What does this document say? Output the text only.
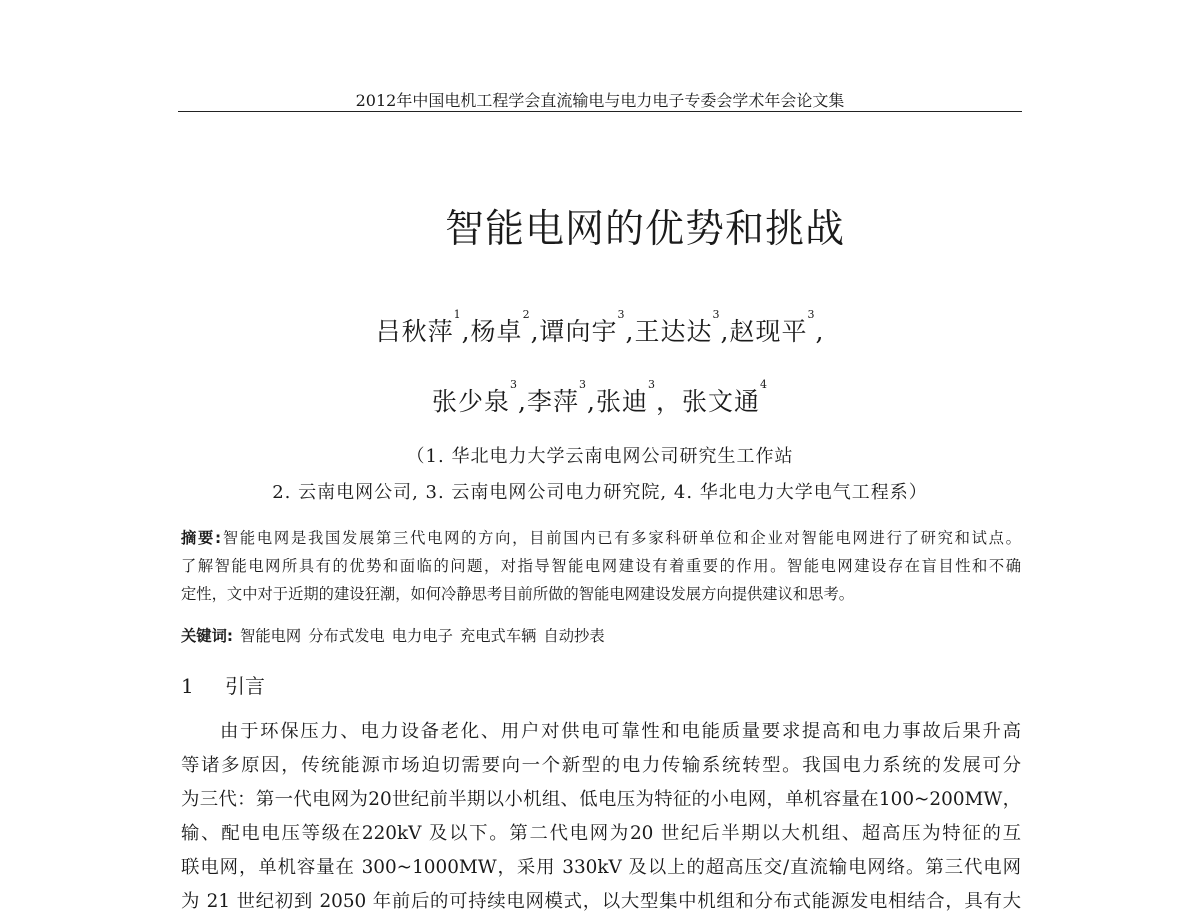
2012年中国电机工程学会直流输电与电力电子专委会学术年会论文集
智能电网的优势和挑战
吕秋萍$^1$,杨卓$^2$,谭向宇$^3$,王达达$^3$,赵现平$^3$,
张少泉$^3$,李萍$^3$,张迪$^3$，张文通$^4$
（1. 华北电力大学云南电网公司研究生工作站
2. 云南电网公司, 3. 云南电网公司电力研究院, 4. 华北电力大学电气工程系）
摘要:智能电网是我国发展第三代电网的方向，目前国内已有多家科研单位和企业对智能电网进行了研究和试点。
了解智能电网所具有的优势和面临的问题，对指导智能电网建设有着重要的作用。智能电网建设存在盲目性和不确
定性，文中对于近期的建设狂潮，如何冷静思考目前所做的智能电网建设发展方向提供建议和思考。
关键词: 智能电网 分布式发电 电力电子 充电式车辆 自动抄表
1 引言
由于环保压力、电力设备老化、用户对供电可靠性和电能质量要求提高和电力事故后果升高
等诸多原因，传统能源市场迫切需要向一个新型的电力传输系统转型。我国电力系统的发展可分
为三代：第一代电网为20世纪前半期以小机组、低电压为特征的小电网，单机容量在100~200MW，
输、配电电压等级在220kV 及以下。第二代电网为20 世纪后半期以大机组、超高压为特征的互
联电网，单机容量在 300~1000MW，采用 330kV 及以上的超高压交/直流输电网络。第三代电网
为 21 世纪初到 2050 年前后的可持续电网模式，以大型集中机组和分布式能源发电相结合，具有大
